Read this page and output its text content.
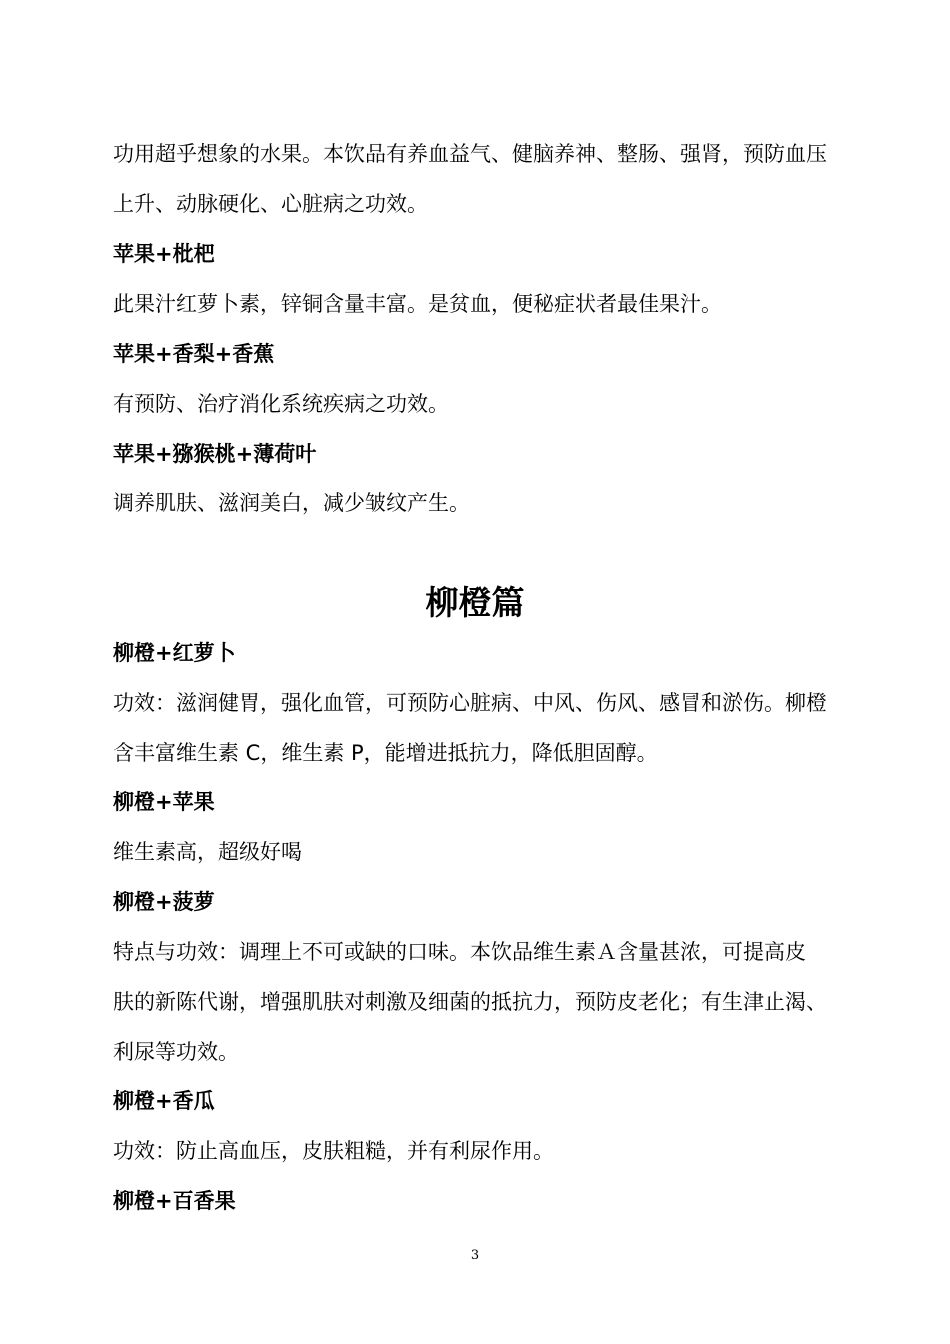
功用超乎想象的水果。本饮品有养血益气、健脑养神、整肠、强肾，预防血压
上升、动脉硬化、心脏病之功效。
苹果+枇杷
此果汁红萝卜素，锌铜含量丰富。是贫血，便秘症状者最佳果汁。
苹果+香梨+香蕉
有预防、治疗消化系统疾病之功效。
苹果+猕猴桃+薄荷叶
调养肌肤、滋润美白，减少皱纹产生。
柳橙篇
柳橙+红萝卜
功效：滋润健胃，强化血管，可预防心脏病、中风、伤风、感冒和淤伤。柳橙
含丰富维生素 C，维生素 P，能增进抵抗力，降低胆固醇。
柳橙+苹果
维生素高，超级好喝
柳橙+菠萝
特点与功效：调理上不可或缺的口味。本饮品维生素Ａ含量甚浓，可提高皮
肤的新陈代谢，增强肌肤对刺激及细菌的抵抗力，预防皮老化；有生津止渴、
利尿等功效。
柳橙+香瓜
功效：防止高血压，皮肤粗糙，并有利尿作用。
柳橙+百香果
3
